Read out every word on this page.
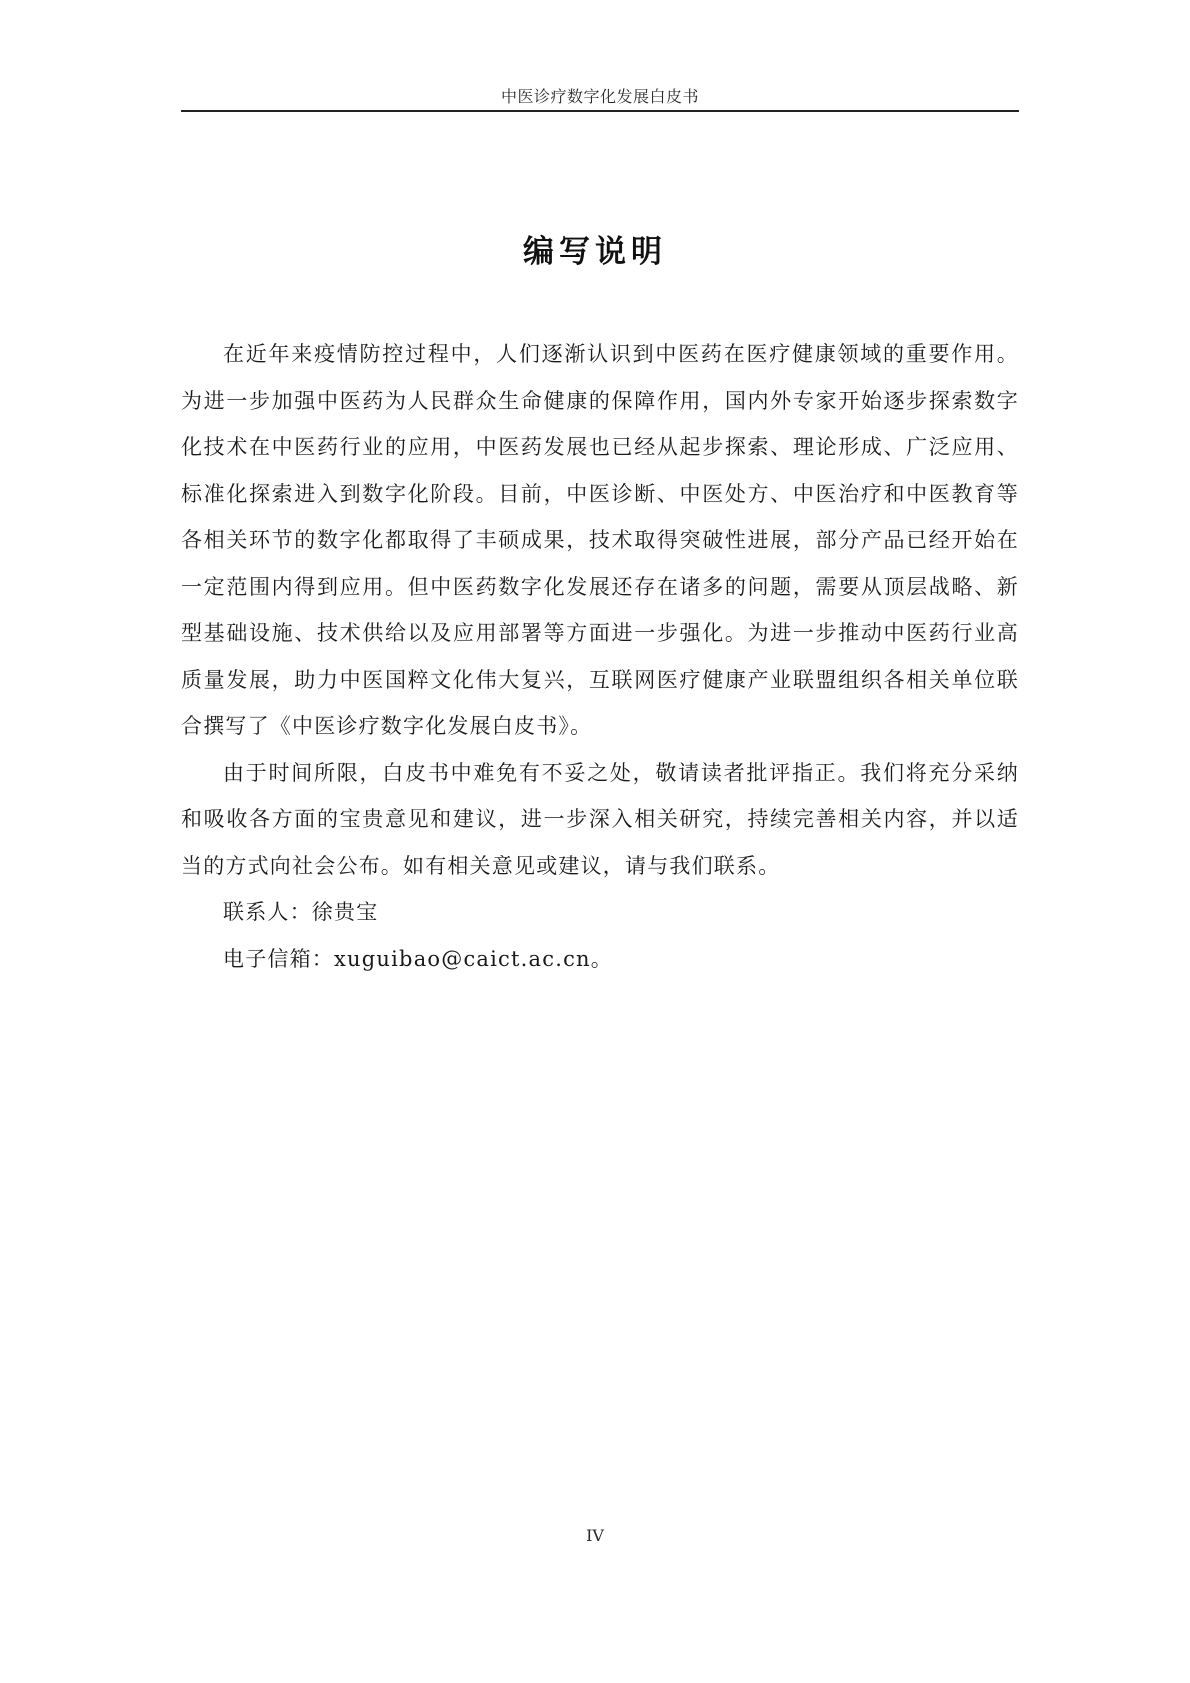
中医诊疗数字化发展白皮书
编写说明

在近年来疫情防控过程中，人们逐渐认识到中医药在医疗健康领域的重要作用。为进一步加强中医药为人民群众生命健康的保障作用，国内外专家开始逐步探索数字化技术在中医药行业的应用，中医药发展也已经从起步探索、理论形成、广泛应用、标准化探索进入到数字化阶段。目前，中医诊断、中医处方、中医治疗和中医教育等各相关环节的数字化都取得了丰硕成果，技术取得突破性进展，部分产品已经开始在一定范围内得到应用。但中医药数字化发展还存在诸多的问题，需要从顶层战略、新型基础设施、技术供给以及应用部署等方面进一步强化。为进一步推动中医药行业高质量发展，助力中医国粹文化伟大复兴，互联网医疗健康产业联盟组织各相关单位联合撰写了《中医诊疗数字化发展白皮书》。

由于时间所限，白皮书中难免有不妥之处，敬请读者批评指正。我们将充分采纳和吸收各方面的宝贵意见和建议，进一步深入相关研究，持续完善相关内容，并以适当的方式向社会公布。如有相关意见或建议，请与我们联系。

联系人：徐贵宝

电子信箱：xuguibao@caict.ac.cn。

IV
